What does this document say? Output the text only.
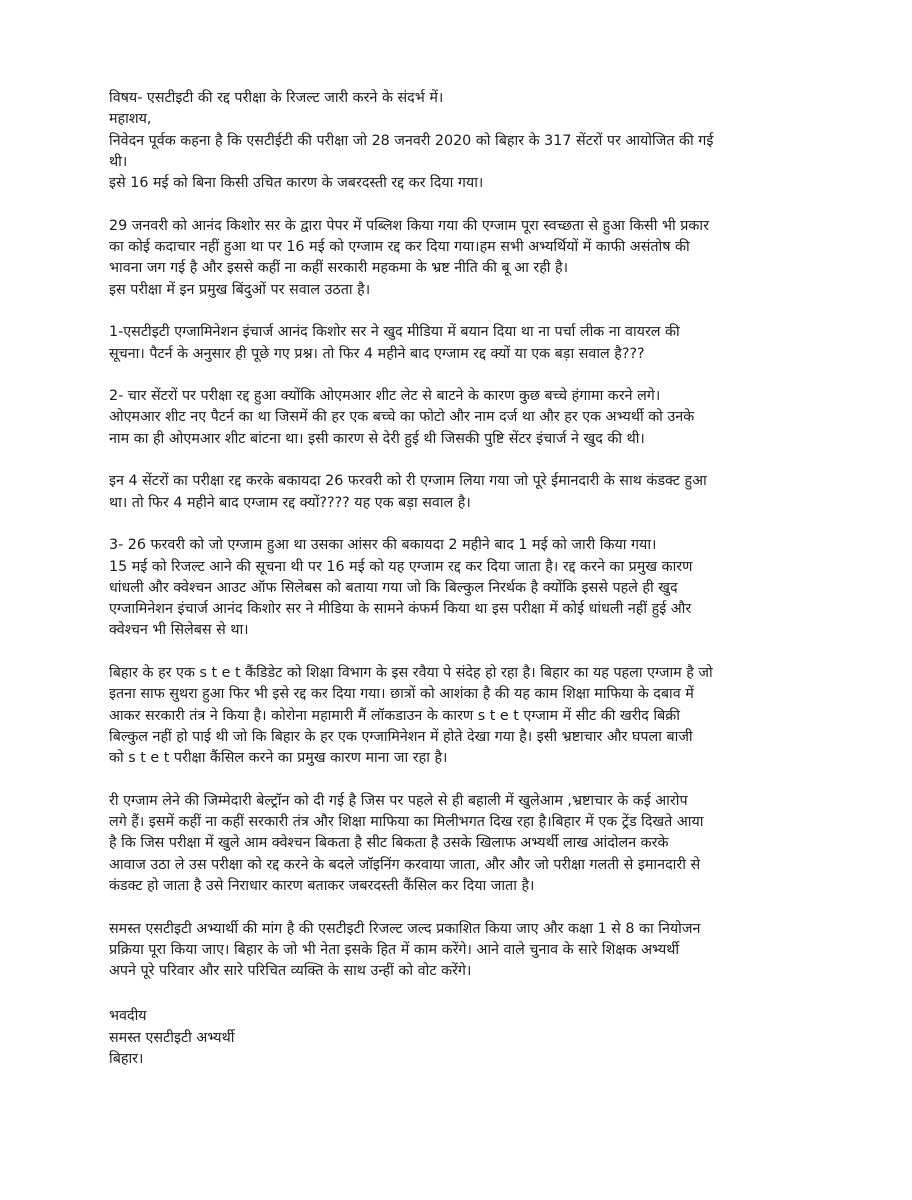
विषय- एसटीइटी की रद्द परीक्षा के रिजल्ट जारी करने के संदर्भ में।
महाशय,
निवेदन पूर्वक कहना है कि एसटीईटी की परीक्षा जो 28 जनवरी 2020 को बिहार के 317 सेंटरों पर आयोजित की गई
थी।
इसे 16 मई को बिना किसी उचित कारण के जबरदस्ती रद्द कर दिया गया।
29 जनवरी को आनंद किशोर सर के द्वारा पेपर में पब्लिश किया गया की एग्जाम पूरा स्वच्छता से हुआ किसी भी प्रकार
का कोई कदाचार नहीं हुआ था पर 16 मई को एग्जाम रद्द कर दिया गया।हम सभी अभ्यर्थियों में काफी असंतोष की
भावना जग गई है और इससे कहीं ना कहीं सरकारी महकमा के भ्रष्ट नीति की बू आ रही है।
इस परीक्षा में इन प्रमुख बिंदुओं पर सवाल उठता है।
1-एसटीइटी एग्जामिनेशन इंचार्ज आनंद किशोर सर ने खुद मीडिया में बयान दिया था ना पर्चा लीक ना वायरल की
सूचना। पैटर्न के अनुसार ही पूछे गए प्रश्न। तो फिर 4 महीने बाद एग्जाम रद्द क्यों या एक बड़ा सवाल है???
2- चार सेंटरों पर परीक्षा रद्द हुआ क्योंकि ओएमआर शीट लेट से बाटने के कारण कुछ बच्चे हंगामा करने लगे।
ओएमआर शीट नए पैटर्न का था जिसमें की हर एक बच्चे का फोटो और नाम दर्ज था और हर एक अभ्यर्थी को उनके
नाम का ही ओएमआर शीट बांटना था। इसी कारण से देरी हुई थी जिसकी पुष्टि सेंटर इंचार्ज ने खुद की थी।
इन 4 सेंटरों का परीक्षा रद्द करके बकायदा 26 फरवरी को री एग्जाम लिया गया जो पूरे ईमानदारी के साथ कंडक्ट हुआ
था। तो फिर 4 महीने बाद एग्जाम रद्द क्यों???? यह एक बड़ा सवाल है।
3- 26 फरवरी को जो एग्जाम हुआ था उसका आंसर की बकायदा 2 महीने बाद 1 मई को जारी किया गया।
15 मई को रिजल्ट आने की सूचना थी पर 16 मई को यह एग्जाम रद्द कर दिया जाता है। रद्द करने का प्रमुख कारण
धांधली और क्वेश्चन आउट ऑफ सिलेबस को बताया गया जो कि बिल्कुल निरर्थक है क्योंकि इससे पहले ही खुद
एग्जामिनेशन इंचार्ज आनंद किशोर सर ने मीडिया के सामने कंफर्म किया था इस परीक्षा में कोई धांधली नहीं हुई और
क्वेश्चन भी सिलेबस से था।
बिहार के हर एक s t e t कैंडिडेट को शिक्षा विभाग के इस रवैया पे संदेह हो रहा है। बिहार का यह पहला एग्जाम है जो
इतना साफ सुथरा हुआ फिर भी इसे रद्द कर दिया गया। छात्रों को आशंका है की यह काम शिक्षा माफिया के दबाव में
आकर सरकारी तंत्र ने किया है। कोरोना महामारी मैं लॉकडाउन के कारण s t e t एग्जाम में सीट की खरीद बिक्री
बिल्कुल नहीं हो पाई थी जो कि बिहार के हर एक एग्जामिनेशन में होते देखा गया है। इसी भ्रष्टाचार और घपला बाजी
को s t e t परीक्षा कैंसिल करने का प्रमुख कारण माना जा रहा है।
री एग्जाम लेने की जिम्मेदारी बेल्ट्रॉन को दी गई है जिस पर पहले से ही बहाली में खुलेआम ,भ्रष्टाचार के कई आरोप
लगे हैं। इसमें कहीं ना कहीं सरकारी तंत्र और शिक्षा माफिया का मिलीभगत दिख रहा है।बिहार में एक ट्रेंड दिखते आया
है कि जिस परीक्षा में खुले आम क्वेश्चन बिकता है सीट बिकता है उसके खिलाफ अभ्यर्थी लाख आंदोलन करके
आवाज उठा ले उस परीक्षा को रद्द करने के बदले जॉइनिंग करवाया जाता, और और जो परीक्षा गलती से इमानदारी से
कंडक्ट हो जाता है उसे निराधार कारण बताकर जबरदस्ती कैंसिल कर दिया जाता है।
समस्त एसटीइटी अभ्यार्थी की मांग है की एसटीइटी रिजल्ट जल्द प्रकाशित किया जाए और कक्षा 1 से 8 का नियोजन
प्रक्रिया पूरा किया जाए। बिहार के जो भी नेता इसके हित में काम करेंगे। आने वाले चुनाव के सारे शिक्षक अभ्यर्थी
अपने पूरे परिवार और सारे परिचित व्यक्ति के साथ उन्हीं को वोट करेंगे।
भवदीय
समस्त एसटीइटी अभ्यर्थी
बिहार।
